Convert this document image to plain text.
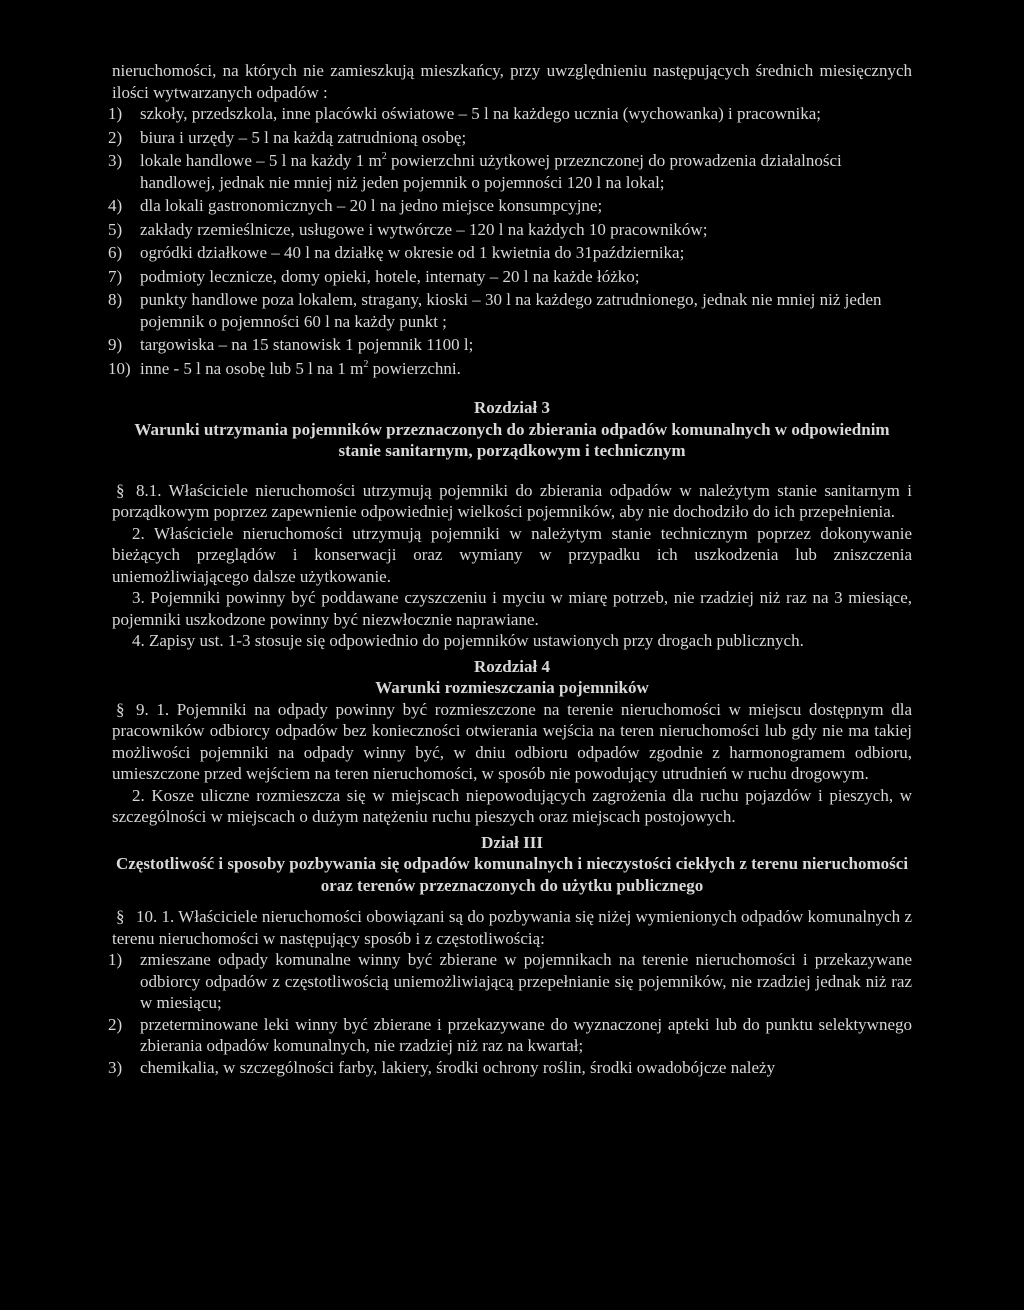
nieruchomości, na których nie zamieszkują mieszkańcy, przy uwzględnieniu następujących średnich miesięcznych ilości wytwarzanych odpadów :

1) szkoły, przedszkola, inne placówki oświatowe – 5 l na każdego ucznia (wychowanka) i pracownika;
2) biura i urzędy – 5 l na każdą zatrudnioną osobę;
3) lokale handlowe – 5 l na każdy 1 $m^2$ powierzchni użytkowej przeznczonej do prowadzenia działalności handlowej, jednak nie mniej niż jeden pojemnik o pojemności 120 l na lokal;
4) dla lokali gastronomicznych – 20 l na jedno miejsce konsumpcyjne;
5) zakłady rzemieślnicze, usługowe i wytwórcze – 120 l na każdych 10 pracowników;
6) ogródki działkowe – 40 l na działkę w okresie od 1 kwietnia do 31października;
7) podmioty lecznicze, domy opieki, hotele, internaty – 20 l na każde łóżko;
8) punkty handlowe poza lokalem, stragany, kioski – 30 l na każdego zatrudnionego, jednak nie mniej niż jeden pojemnik o pojemności 60 l na każdy punkt ;
9) targowiska – na 15 stanowisk 1 pojemnik 1100 l;
10) inne - 5 l na osobę lub 5 l na 1 $m^2$ powierzchni.

Rozdział 3

Warunki utrzymania pojemników przeznaczonych do zbierania odpadów komunalnych w odpowiednim stanie sanitarnym, porządkowym i technicznym

§ 8.1. Właściciele nieruchomości utrzymują pojemniki do zbierania odpadów w należytym stanie sanitarnym i porządkowym poprzez zapewnienie odpowiedniej wielkości pojemników, aby nie dochodziło do ich przepełnienia.

2. Właściciele nieruchomości utrzymują pojemniki w należytym stanie technicznym poprzez dokonywanie bieżących przeglądów i konserwacji oraz wymiany w przypadku ich uszkodzenia lub zniszczenia uniemożliwiającego dalsze użytkowanie.

3. Pojemniki powinny być poddawane czyszczeniu i myciu w miarę potrzeb, nie rzadziej niż raz na 3 miesiące, pojemniki uszkodzone powinny być niezwłocznie naprawiane.

4. Zapisy ust. 1-3 stosuje się odpowiednio do pojemników ustawionych przy drogach publicznych.

Rozdział 4

Warunki rozmieszczania pojemników

§ 9. 1. Pojemniki na odpady powinny być rozmieszczone na terenie nieruchomości w miejscu dostępnym dla pracowników odbiorcy odpadów bez konieczności otwierania wejścia na teren nieruchomości lub gdy nie ma takiej możliwości pojemniki na odpady winny być, w dniu odbioru odpadów zgodnie z harmonogramem odbioru, umieszczone przed wejściem na teren nieruchomości, w sposób nie powodujący utrudnień w ruchu drogowym.

2. Kosze uliczne rozmieszcza się w miejscach niepowodujących zagrożenia dla ruchu pojazdów i pieszych, w szczególności w miejscach o dużym natężeniu ruchu pieszych oraz miejscach postojowych.

Dział III

Częstotliwość i sposoby pozbywania się odpadów komunalnych i nieczystości ciekłych z terenu nieruchomości oraz terenów przeznaczonych do użytku publicznego

§ 10. 1. Właściciele nieruchomości obowiązani są do pozbywania się niżej wymienionych odpadów komunalnych z terenu nieruchomości w następujący sposób i z częstotliwością:

1) zmieszane odpady komunalne winny być zbierane w pojemnikach na terenie nieruchomości i przekazywane odbiorcy odpadów z częstotliwością uniemożliwiającą przepełnianie się pojemników, nie rzadziej jednak niż raz w miesiącu;
2) przeterminowane leki winny być zbierane i przekazywane do wyznaczonej apteki lub do punktu selektywnego zbierania odpadów komunalnych, nie rzadziej niż raz na kwartał;
3) chemikalia, w szczególności farby, lakiery, środki ochrony roślin, środki owadobójcze należy
